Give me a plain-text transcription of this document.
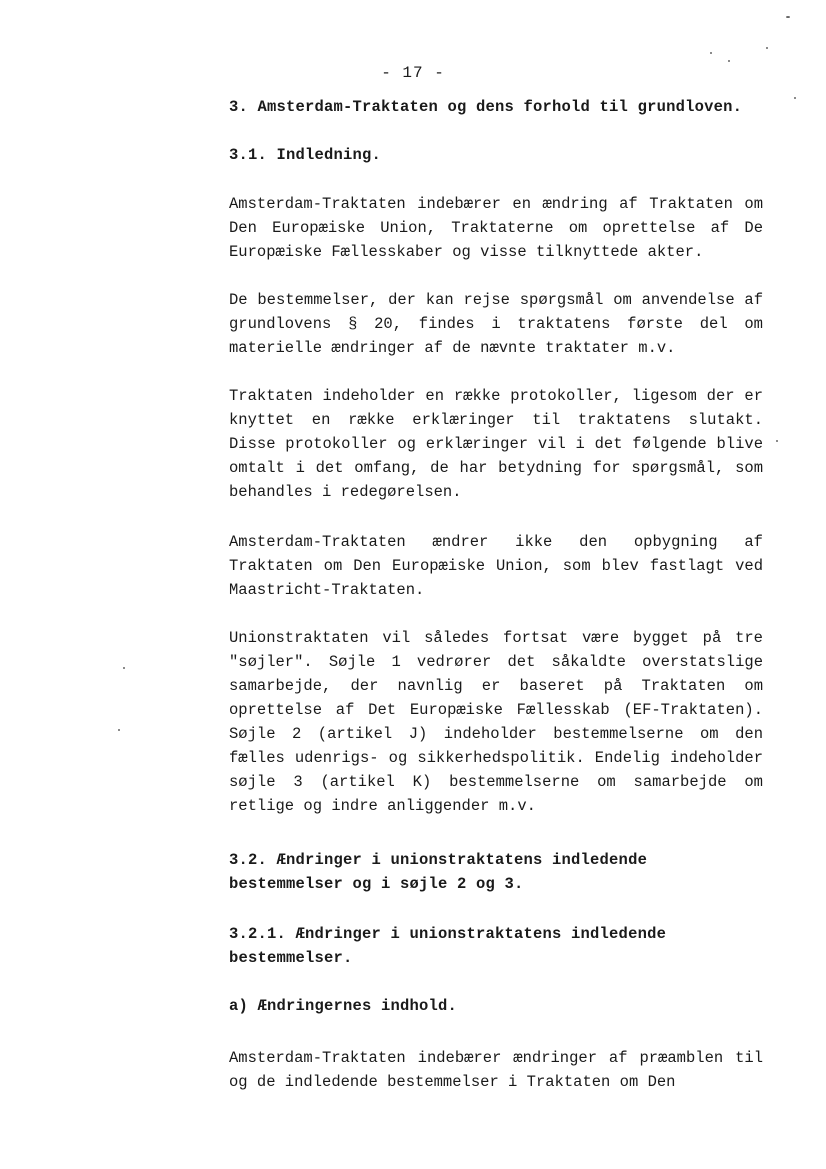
- 17 -
3. Amsterdam-Traktaten og dens forhold til grundloven.
3.1. Indledning.

Amsterdam-Traktaten indebærer en ændring af Traktaten om Den Europæiske Union, Traktaterne om oprettelse af De Europæiske Fællesskaber og visse tilknyttede akter.

De bestemmelser, der kan rejse spørgsmål om anvendelse af grundlovens § 20, findes i traktatens første del om materielle ændringer af de nævnte traktater m.v.

Traktaten indeholder en række protokoller, ligesom der er knyttet en række erklæringer til traktatens slutakt. Disse protokoller og erklæringer vil i det følgende blive omtalt i det omfang, de har betydning for spørgsmål, som behandles i redegørelsen.

Amsterdam-Traktaten ændrer ikke den opbygning af Traktaten om Den Europæiske Union, som blev fastlagt ved Maastricht-Traktaten.

Unionstraktaten vil således fortsat være bygget på tre "søjler". Søjle 1 vedrører det såkaldte overstatslige samarbejde, der navnlig er baseret på Traktaten om oprettelse af Det Europæiske Fællesskab (EF-Traktaten). Søjle 2 (artikel J) indeholder bestemmelserne om den fælles udenrigs- og sikkerhedspolitik. Endelig indeholder søjle 3 (artikel K) bestemmelserne om samarbejde om retlige og indre anliggender m.v.

3.2. Ændringer i unionstraktatens indledende bestemmelser og i søjle 2 og 3.
3.2.1. Ændringer i unionstraktatens indledende bestemmelser.
a) Ændringernes indhold.

Amsterdam-Traktaten indebærer ændringer af præamblen til og de indledende bestemmelser i Traktaten om Den
